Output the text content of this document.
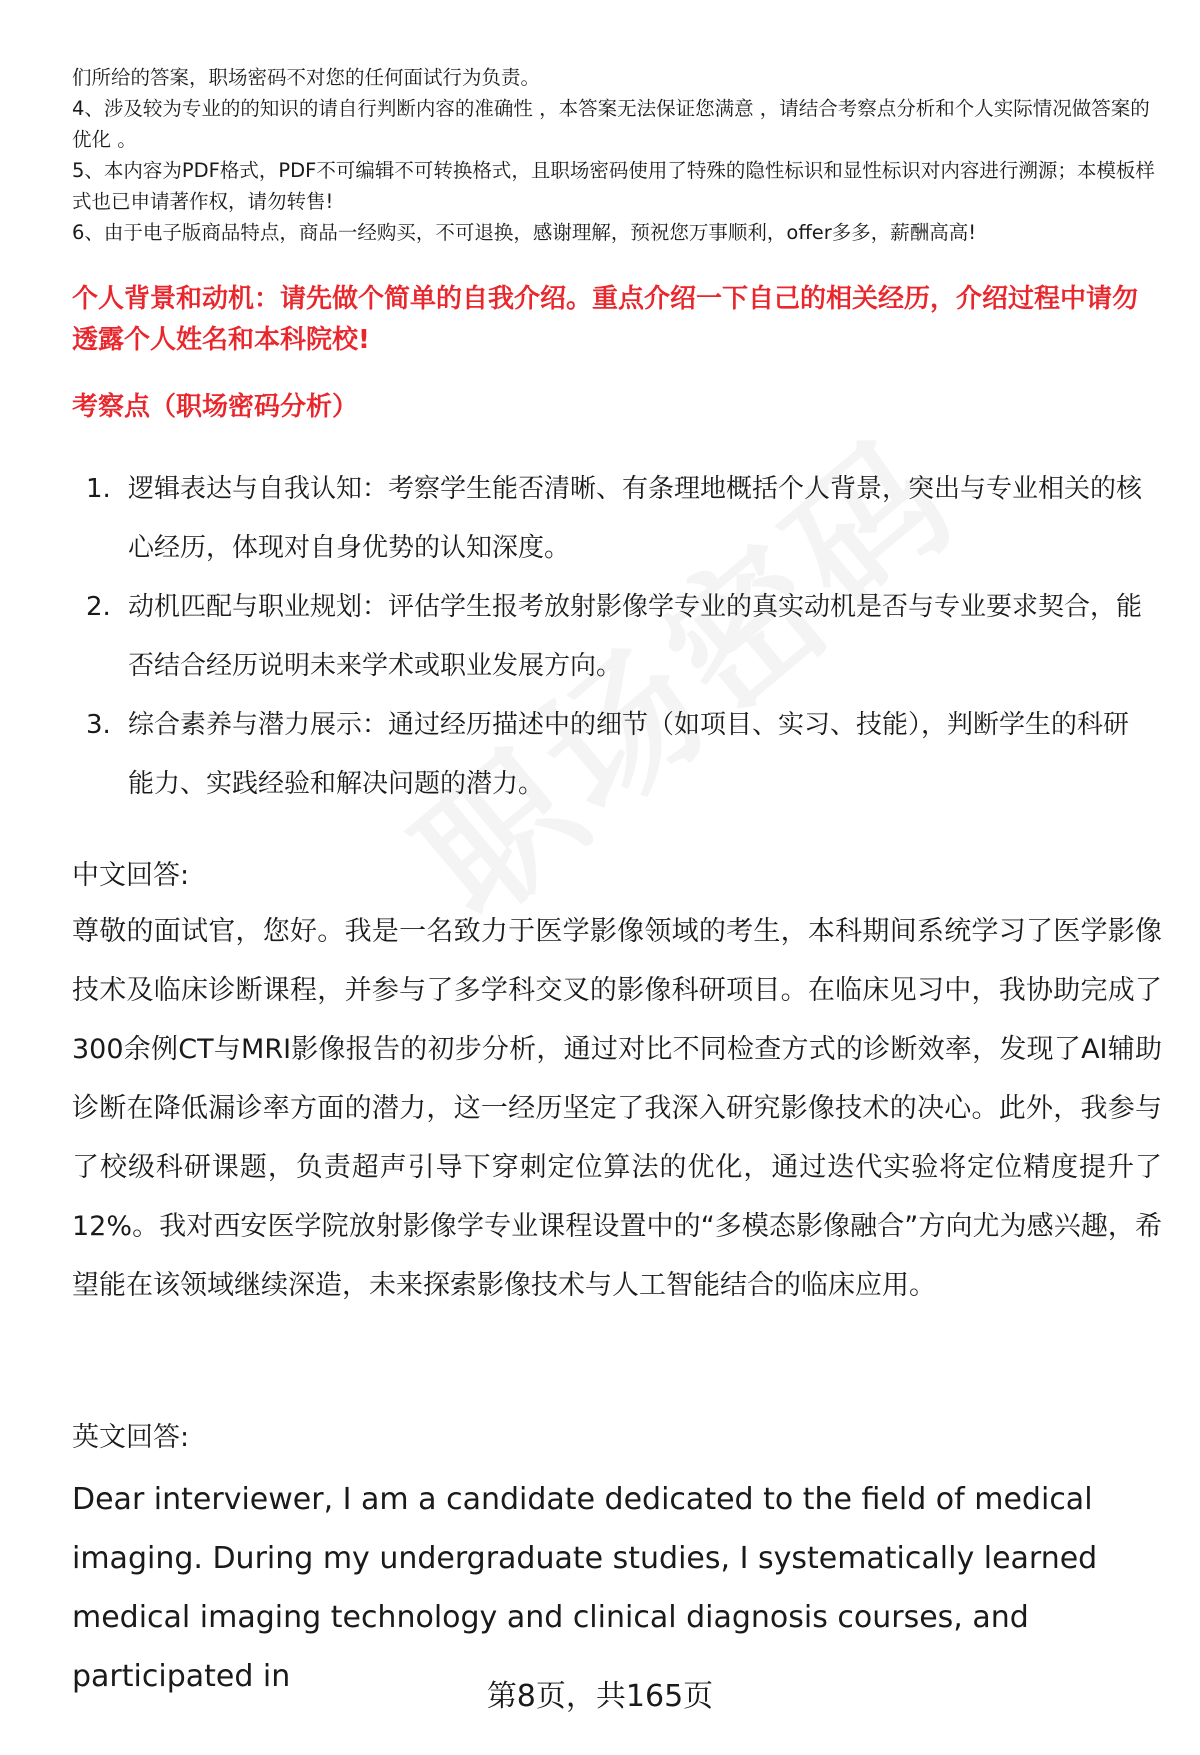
们所给的答案，职场密码不对您的任何面试行为负责。

4、涉及较为专业的的知识的请自行判断内容的准确性 ，本答案无法保证您满意 ，请结合考察点分析和个人实际情况做答案的优化 。

5、本内容为PDF格式，PDF不可编辑不可转换格式，且职场密码使用了特殊的隐性标识和显性标识对内容进行溯源；本模板样式也已申请著作权，请勿转售!

6、由于电子版商品特点，商品一经购买，不可退换，感谢理解，预祝您万事顺利，offer多多，薪酬高高!

个人背景和动机：请先做个简单的自我介绍。重点介绍一下自己的相关经历，介绍过程中请勿透露个人姓名和本科院校!

考察点（职场密码分析）

1. 逻辑表达与自我认知：考察学生能否清晰、有条理地概括个人背景，突出与专业相关的核心经历，体现对自身优势的认知深度。
2. 动机匹配与职业规划：评估学生报考放射影像学专业的真实动机是否与专业要求契合，能否结合经历说明未来学术或职业发展方向。
3. 综合素养与潜力展示：通过经历描述中的细节（如项目、实习、技能），判断学生的科研能力、实践经验和解决问题的潜力。

中文回答:

尊敬的面试官，您好。我是一名致力于医学影像领域的考生，本科期间系统学习了医学影像技术及临床诊断课程，并参与了多学科交叉的影像科研项目。在临床见习中，我协助完成了300余例CT与MRI影像报告的初步分析，通过对比不同检查方式的诊断效率，发现了AI辅助诊断在降低漏诊率方面的潜力，这一经历坚定了我深入研究影像技术的决心。此外，我参与了校级科研课题，负责超声引导下穿刺定位算法的优化，通过迭代实验将定位精度提升了12%。我对西安医学院放射影像学专业课程设置中的“多模态影像融合”方向尤为感兴趣，希望能在该领域继续深造，未来探索影像技术与人工智能结合的临床应用。

英文回答:

Dear interviewer, I am a candidate dedicated to the field of medical imaging. During my undergraduate studies, I systematically learned medical imaging technology and clinical diagnosis courses, and participated in

第8页，共165页
